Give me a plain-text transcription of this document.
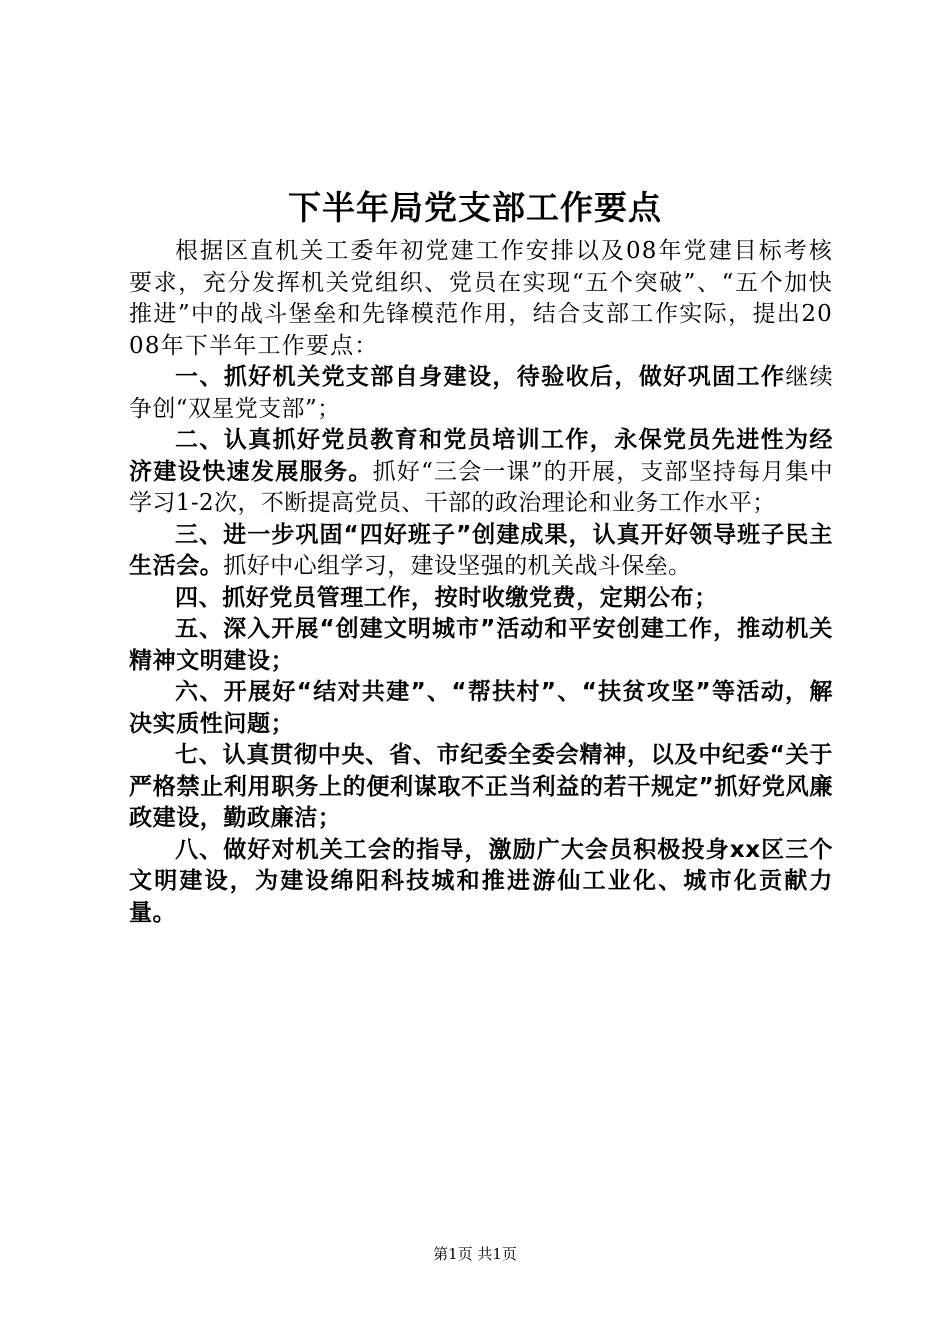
下半年局党支部工作要点

根据区直机关工委年初党建工作安排以及08年党建目标考核要求，充分发挥机关党组织、党员在实现“五个突破”、“五个加快推进”中的战斗堡垒和先锋模范作用，结合支部工作实际，提出2008年下半年工作要点：

一、抓好机关党支部自身建设，待验收后，做好巩固工作继续争创“双星党支部”；

二、认真抓好党员教育和党员培训工作，永保党员先进性为经济建设快速发展服务。抓好“三会一课”的开展，支部坚持每月集中学习1-2次，不断提高党员、干部的政治理论和业务工作水平；

三、进一步巩固“四好班子”创建成果，认真开好领导班子民主生活会。抓好中心组学习，建设坚强的机关战斗保垒。

四、抓好党员管理工作，按时收缴党费，定期公布；

五、深入开展“创建文明城市”活动和平安创建工作，推动机关精神文明建设；

六、开展好“结对共建”、“帮扶村”、“扶贫攻坚”等活动，解决实质性问题；

七、认真贯彻中央、省、市纪委全委会精神，以及中纪委“关于严格禁止利用职务上的便利谋取不正当利益的若干规定”抓好党风廉政建设，勤政廉洁；

八、做好对机关工会的指导，激励广大会员积极投身xx区三个文明建设，为建设绵阳科技城和推进游仙工业化、城市化贡献力量。

第1页 共1页
